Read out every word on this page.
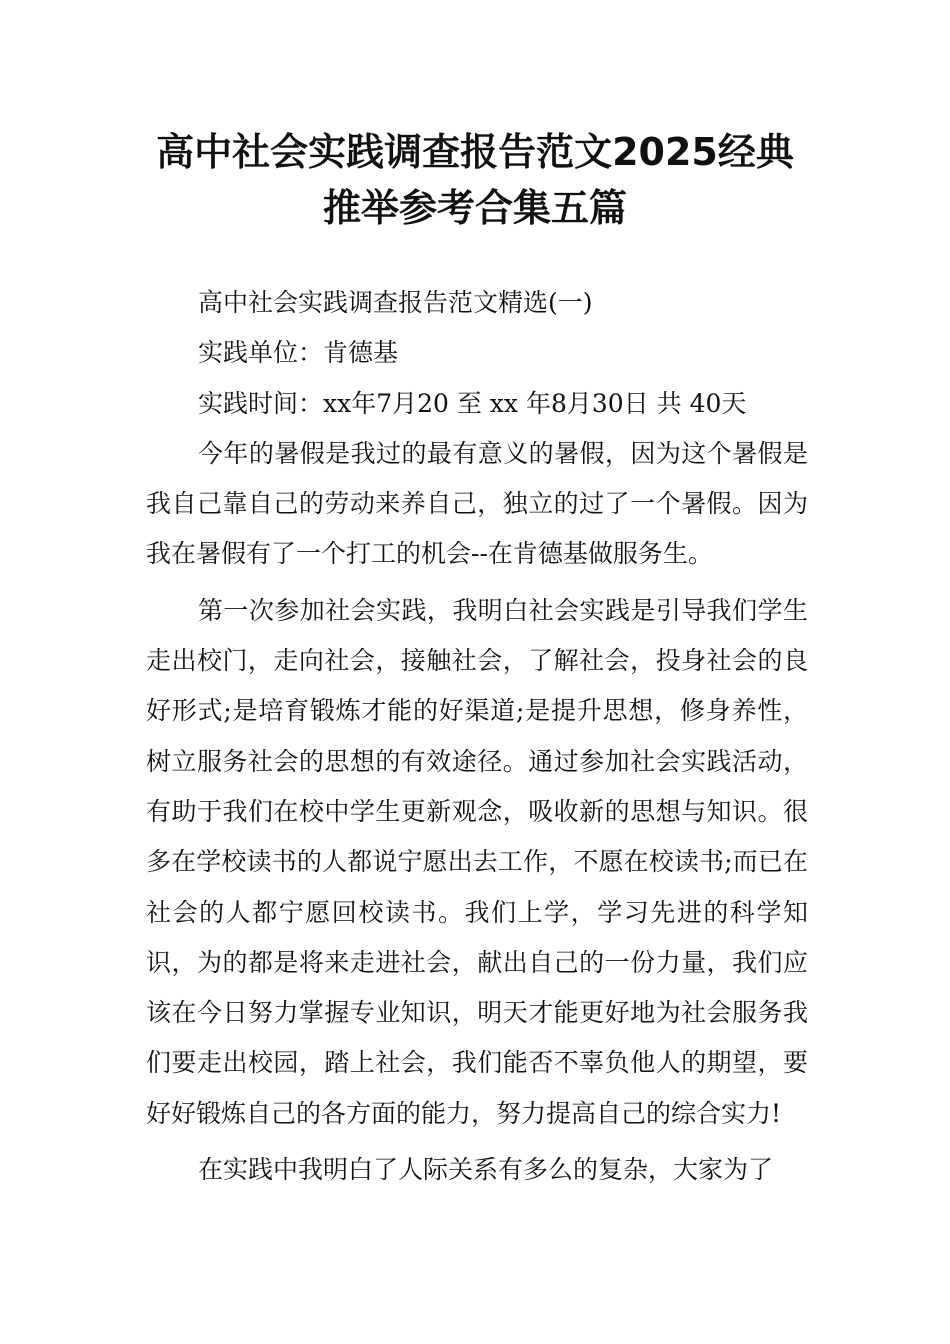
高中社会实践调查报告范文2025经典
推举参考合集五篇

高中社会实践调查报告范文精选(一)

实践单位：肯德基

实践时间：xx年7月20 至 xx 年8月30日 共 40天

今年的暑假是我过的最有意义的暑假，因为这个暑假是我自己靠自己的劳动来养自己，独立的过了一个暑假。因为我在暑假有了一个打工的机会--在肯德基做服务生。

第一次参加社会实践，我明白社会实践是引导我们学生走出校门，走向社会，接触社会，了解社会，投身社会的良好形式;是培育锻炼才能的好渠道;是提升思想，修身养性，树立服务社会的思想的有效途径。通过参加社会实践活动，有助于我们在校中学生更新观念，吸收新的思想与知识。很多在学校读书的人都说宁愿出去工作，不愿在校读书;而已在社会的人都宁愿回校读书。我们上学，学习先进的科学知识，为的都是将来走进社会，献出自己的一份力量，我们应该在今日努力掌握专业知识，明天才能更好地为社会服务我们要走出校园，踏上社会，我们能否不辜负他人的期望，要好好锻炼自己的各方面的能力，努力提高自己的综合实力!

在实践中我明白了人际关系有多么的复杂，大家为了
